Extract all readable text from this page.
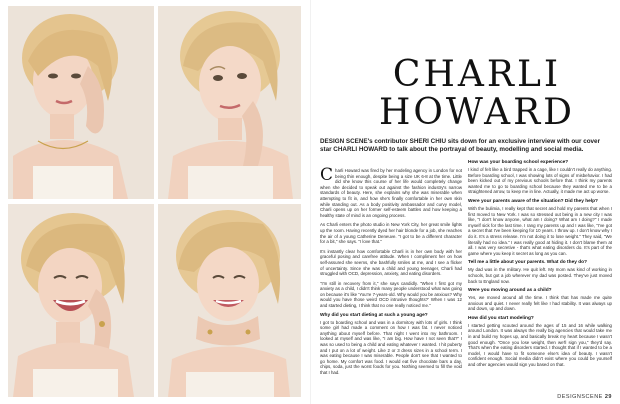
CHARLI
HOWARD
DESIGN SCENE's contributor SHERI CHIU sits down for an exclusive interview with our cover star CHARLI HOWARD to talk about the portrayal of beauty, modelling and social media.
Charli Howard was fired by her modeling agency in London for not being thin enough, despite being a size UK 6-8 at the time. Little did she know this course of her life would completely change when she decided to speak out against the fashion industry's narrow standards of beauty. Here, she explains why she was miserable when attempting to fit in, and how she's finally comfortable in her own skin while standing out. As a body positivity ambassador and curvy model, Charli opens up on her former self-esteem battles and how keeping a healthy state of mind is an ongoing process.
As Charli enters the photo studio in New York City, her great smile lights up the room. Having recently dyed her hair blonde for a job, she reaches the air of a young Catherine Deneuve. "I got to be a different character for a bit," she says. "I love that."
It's instantly clear how comfortable Charli is in her own body with her graceful posing and carefree attitude. When I compliment her on how self-assured she seems, she bashfully smiles at me, and I see a flicker of uncertainty. Since she was a child and young teenager, Charli had struggled with OCD, depression, anxiety, and eating disorders.
"I'm still in recovery from it," she says candidly. "When I first got my anxiety as a child, I didn't think many people understood what was going on because it's like 'You're 7-years-old. Why would you be anxious? Why would you have those weird OCD intrusive thoughts?' When I was 12 and started dieting, I think that no one really noticed me."
Why did you start dieting at such a young age?
I got to boarding school and was in a dormitory with lots of girls. I think some girl had made a comment on how I was fat. I never noticed anything about myself before. That night I went into my bathroom. I looked at myself and was like, "I am big. How have I not seen that?" I was so used to being a child and eating whatever I wanted. I hit puberty and I put on a lot of weight. Like 2 or 3 dress sizes in a school term. I was eating because I was miserable. People don't see that I wanted to go home. My comfort was food. I would eat five chocolate bars a day, chips, soda, just the worst foods for you. Nothing seemed to fill the void that I had.
How was your boarding school experience?
I kind of felt like a bird trapped in a cage, like I couldn't really do anything. Before boarding school, I was showing lots of signs of misbehavior. I had been kicked out of my previous schools before that. I think my parents wanted me to go to boarding school because they wanted me to be a straightened arrow, to keep me in line. Actually, it made me act up worse.
Were your parents aware of the situation? Did they help?
With the bulimia, I really kept that secret and hold my parents that when I first moved to New York. I was so stressed out being in a new city I was like, "I don't know anyone, what am I doing? What am I doing?" I made myself sick for the last time. I rang my parents up and I was like, "I've got a secret that I've been keeping for 10 years. I throw up. I don't know why I do it. It's a stress release. I'm not doing it to lose weight." They said, "We literally had no idea." I was really good at hiding it. I don't blame them at all. I was very secretive - that's what eating disorders do. It's part of the game where you keep it secret as long as you can.
Tell me a little about your parents. What do they do?
My dad was in the military. He quit left. My mom was kind of working in schools, but got a job wherever my dad was posted. They've just moved back to England now.
Were you moving around as a child?
Yes, we moved around all the time. I think that has made me quite anxious and quiet. I never really felt like I had stability. It was always up and down, up and down.
How did you start modeling?
I started getting scouted around the ages of 15 and 16 while walking around London. It was always the really big agencies that would take me in and build my hopes up, and basically break my heart because I wasn't good enough. "Once you lose weight, then we'll sign you," they'd say. That's when the eating disorders started. I thought that if I wanted to be a model, I would have to fit someone else's idea of beauty. I wasn't confident enough. Social media didn't exist where you could be yourself and other agencies would sign you based on that.
DESIGNSCENE 29
